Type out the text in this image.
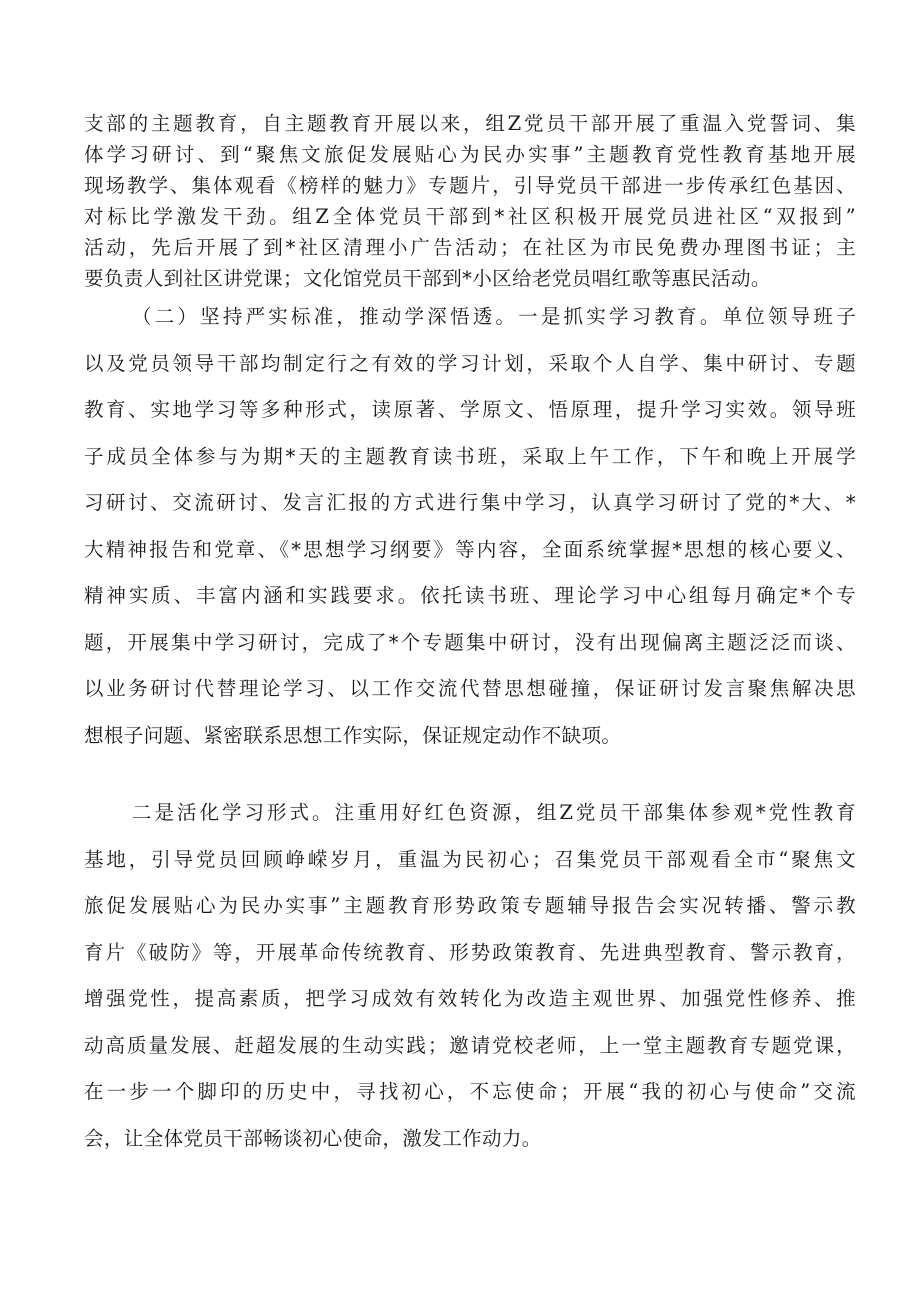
支部的主题教育，自主题教育开展以来，组Z党员干部开展了重温入党誓词、集
体学习研讨、到“聚焦文旅促发展贴心为民办实事”主题教育党性教育基地开展
现场教学、集体观看《榜样的魅力》专题片，引导党员干部进一步传承红色基因、
对标比学激发干劲。组Z全体党员干部到*社区积极开展党员进社区“双报到”
活动，先后开展了到*社区清理小广告活动；在社区为市民免费办理图书证；主
要负责人到社区讲党课；文化馆党员干部到*小区给老党员唱红歌等惠民活动。
（二）坚持严实标准，推动学深悟透。一是抓实学习教育。单位领导班子
以及党员领导干部均制定行之有效的学习计划，采取个人自学、集中研讨、专题
教育、实地学习等多种形式，读原著、学原文、悟原理，提升学习实效。领导班
子成员全体参与为期*天的主题教育读书班，采取上午工作，下午和晚上开展学
习研讨、交流研讨、发言汇报的方式进行集中学习，认真学习研讨了党的*大、*
大精神报告和党章、《*思想学习纲要》等内容，全面系统掌握*思想的核心要义、
精神实质、丰富内涵和实践要求。依托读书班、理论学习中心组每月确定*个专
题，开展集中学习研讨，完成了*个专题集中研讨，没有出现偏离主题泛泛而谈、
以业务研讨代替理论学习、以工作交流代替思想碰撞，保证研讨发言聚焦解决思
想根子问题、紧密联系思想工作实际，保证规定动作不缺项。
二是活化学习形式。注重用好红色资源，组Z党员干部集体参观*党性教育
基地，引导党员回顾峥嵘岁月，重温为民初心；召集党员干部观看全市“聚焦文
旅促发展贴心为民办实事”主题教育形势政策专题辅导报告会实况转播、警示教
育片《破防》等，开展革命传统教育、形势政策教育、先进典型教育、警示教育，
增强党性，提高素质，把学习成效有效转化为改造主观世界、加强党性修养、推
动高质量发展、赶超发展的生动实践；邀请党校老师，上一堂主题教育专题党课，
在一步一个脚印的历史中，寻找初心，不忘使命；开展“我的初心与使命”交流
会，让全体党员干部畅谈初心使命，激发工作动力。
